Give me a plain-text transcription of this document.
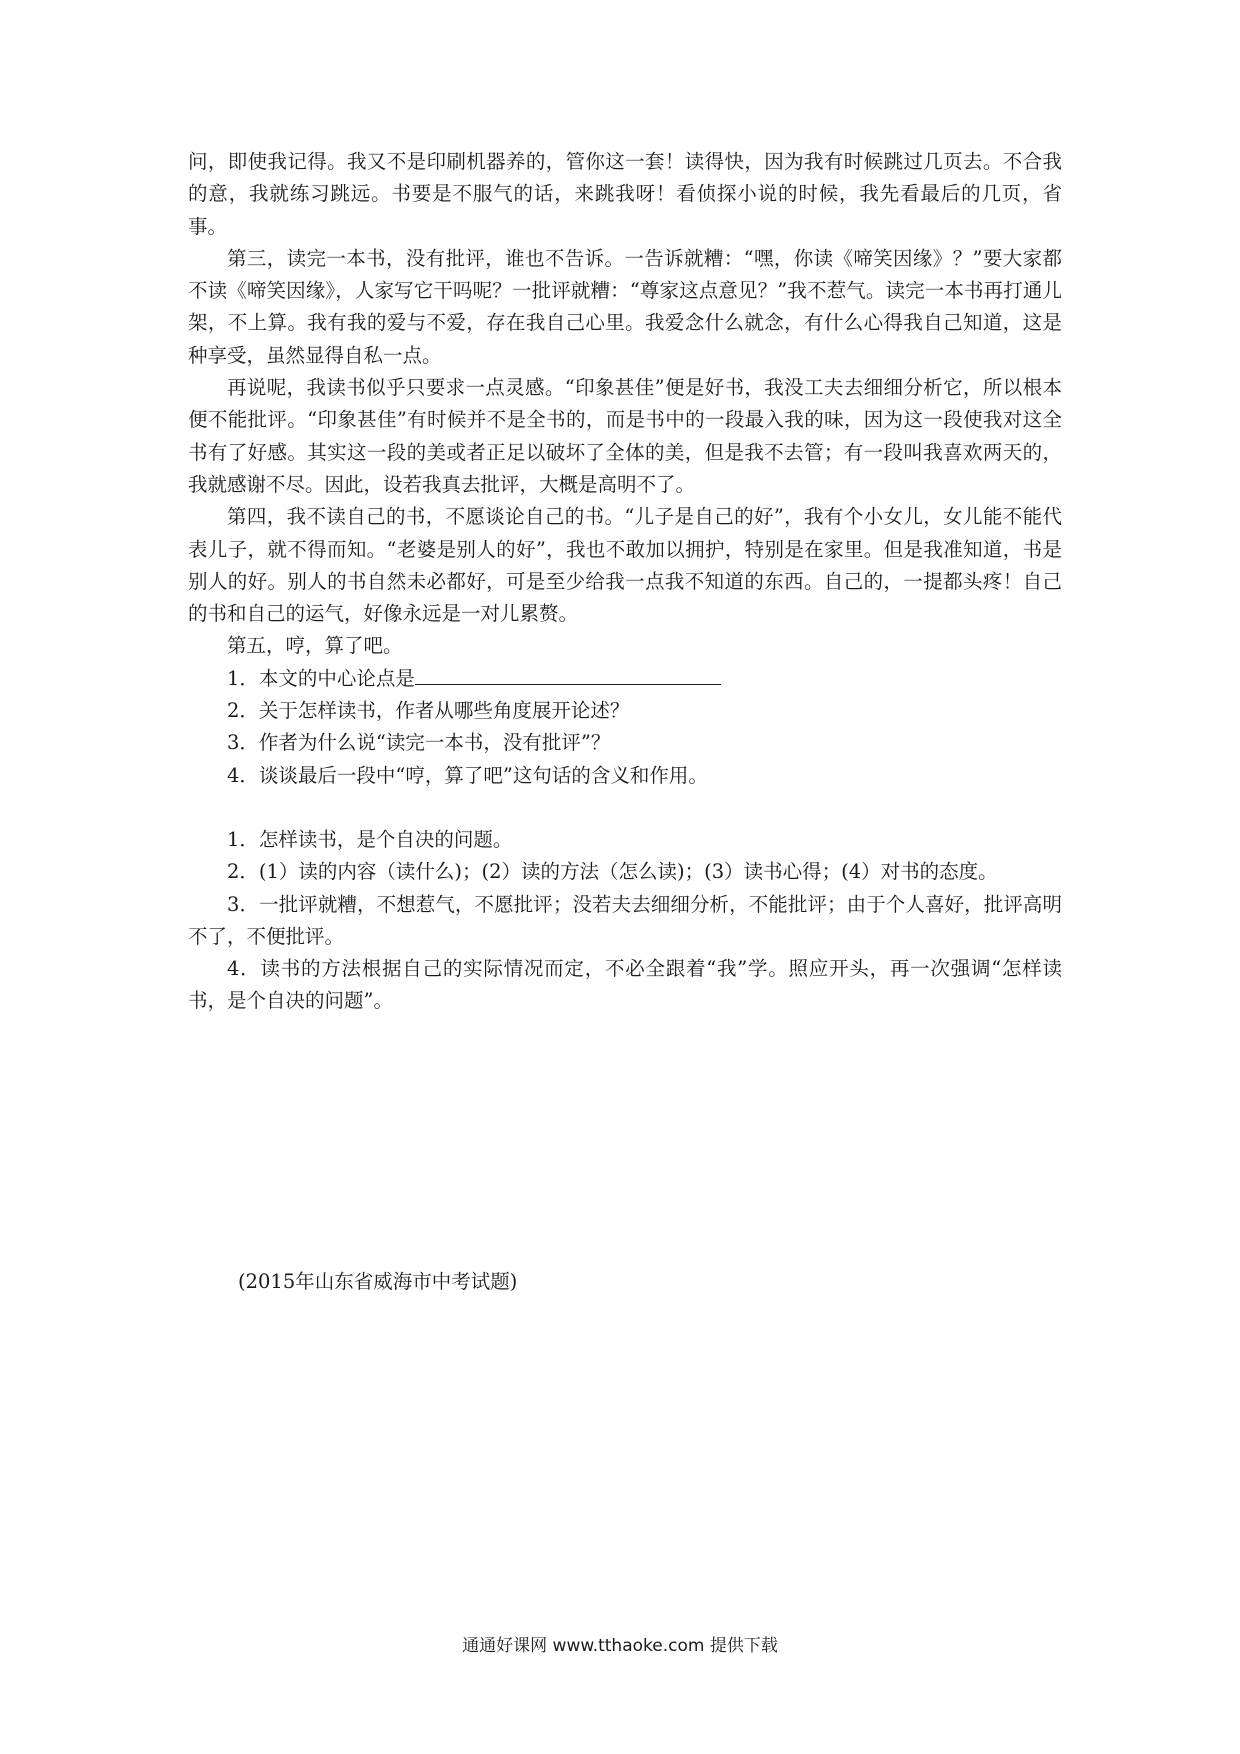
问，即使我记得。我又不是印刷机器养的，管你这一套！读得快，因为我有时候跳过几页去。不合我的意，我就练习跳远。书要是不服气的话，来跳我呀！看侦探小说的时候，我先看最后的几页，省事。

第三，读完一本书，没有批评，谁也不告诉。一告诉就糟：“嘿，你读《啼笑因缘》？”要大家都不读《啼笑因缘》，人家写它干吗呢？一批评就糟：“尊家这点意见？”我不惹气。读完一本书再打通儿架，不上算。我有我的爱与不爱，存在我自己心里。我爱念什么就念，有什么心得我自己知道，这是种享受，虽然显得自私一点。

再说呢，我读书似乎只要求一点灵感。“印象甚佳”便是好书，我没工夫去细细分析它，所以根本便不能批评。“印象甚佳”有时候并不是全书的，而是书中的一段最入我的味，因为这一段使我对这全书有了好感。其实这一段的美或者正足以破坏了全体的美，但是我不去管；有一段叫我喜欢两天的，我就感谢不尽。因此，设若我真去批评，大概是高明不了。

第四，我不读自己的书，不愿谈论自己的书。“儿子是自己的好”，我有个小女儿，女儿能不能代表儿子，就不得而知。“老婆是别人的好”，我也不敢加以拥护，特别是在家里。但是我准知道，书是别人的好。别人的书自然未必都好，可是至少给我一点我不知道的东西。自己的，一提都头疼！自己的书和自己的运气，好像永远是一对儿累赘。

第五，哼，算了吧。

1．本文的中心论点是

2．关于怎样读书，作者从哪些角度展开论述？

3．作者为什么说“读完一本书，没有批评”？

4．谈谈最后一段中“哼，算了吧”这句话的含义和作用。

1．怎样读书，是个自决的问题。

2．(1）读的内容（读什么)；(2）读的方法（怎么读)；(3）读书心得；(4）对书的态度。

3．一批评就糟，不想惹气，不愿批评；没若夫去细细分析，不能批评；由于个人喜好，批评高明不了，不便批评。

4．读书的方法根据自己的实际情况而定，不必全跟着“我”学。照应开头，再一次强调“怎样读书，是个自决的问题”。

(2015年山东省威海市中考试题)
通通好课网 www.tthaoke.com 提供下载
